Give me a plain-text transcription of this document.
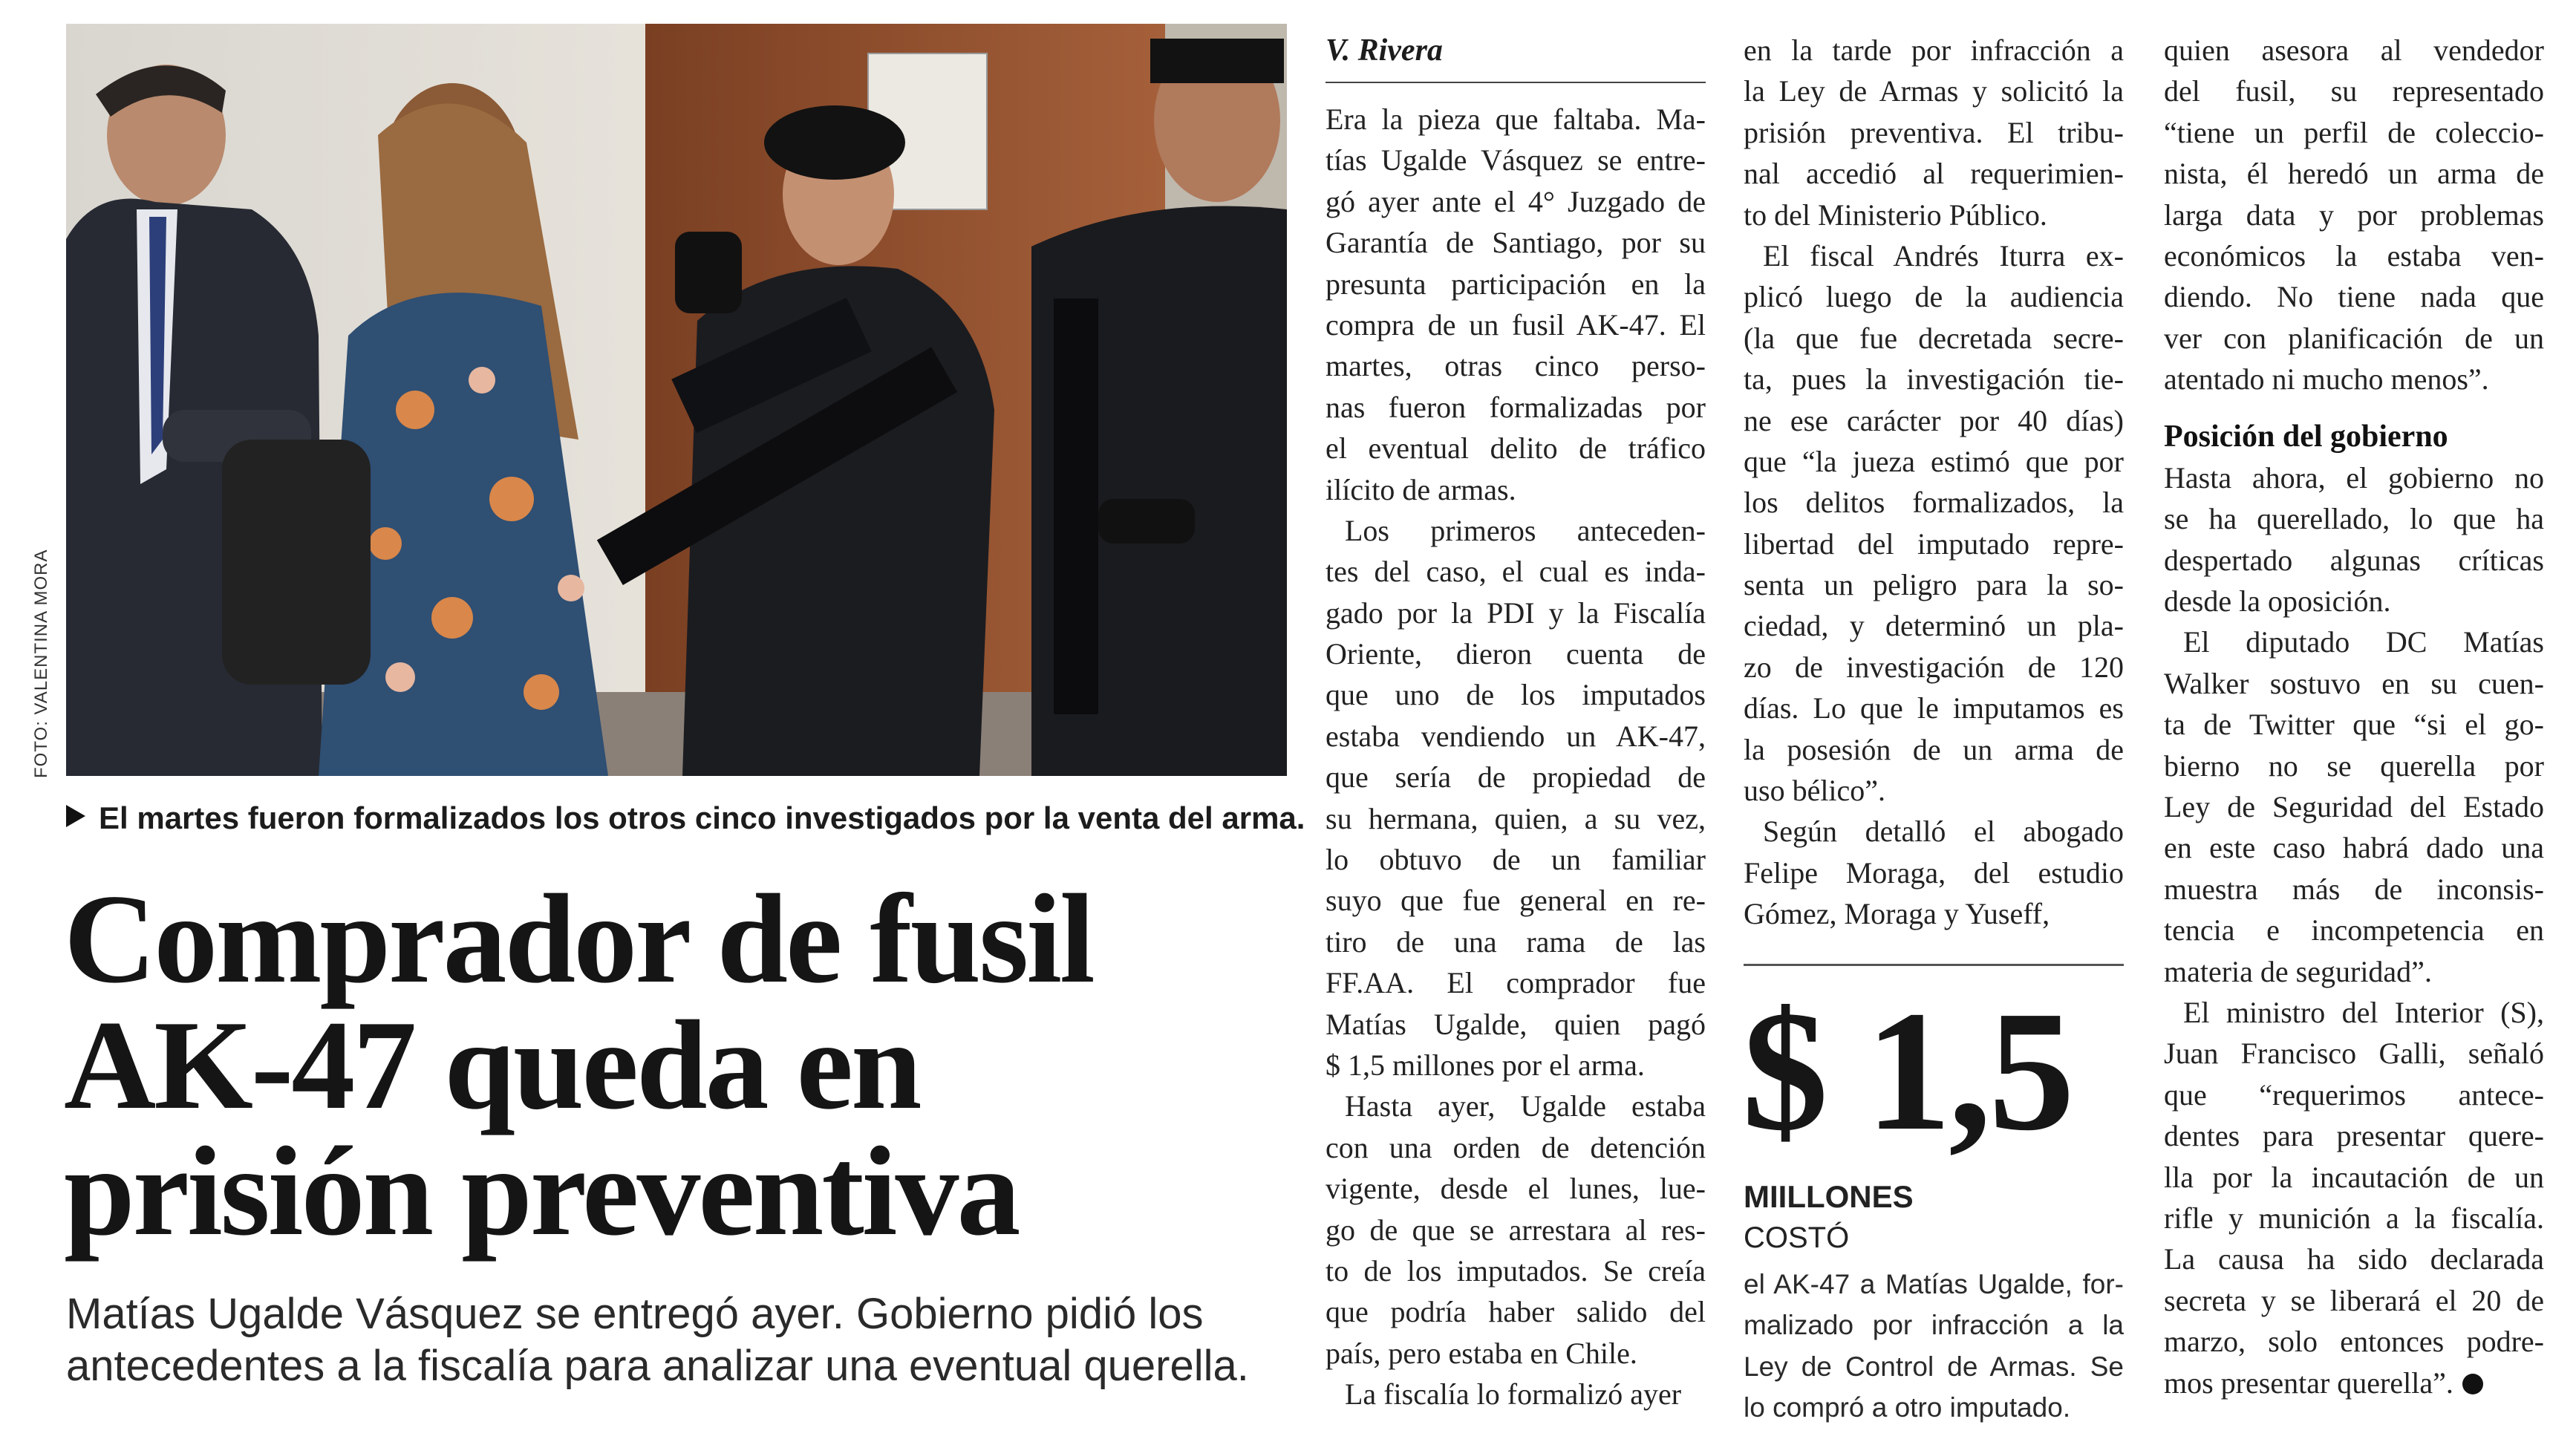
FOTO: VALENTINA MORA
El martes fueron formalizados los otros cinco investigados por la venta del arma.
Comprador de fusil
AK-47 queda en
prisión preventiva
Matías Ugalde Vásquez se entregó ayer. Gobierno pidió los
antecedentes a la fiscalía para analizar una eventual querella.
V. Rivera
Era la pieza que faltaba. Ma-
tías Ugalde Vásquez se entre-
gó ayer ante el 4° Juzgado de
Garantía de Santiago, por su
presunta participación en la
compra de un fusil AK-47. El
martes, otras cinco perso-
nas fueron formalizadas por
el eventual delito de tráfico
ilícito de armas.
Los primeros anteceden-
tes del caso, el cual es inda-
gado por la PDI y la Fiscalía
Oriente, dieron cuenta de
que uno de los imputados
estaba vendiendo un AK-47,
que sería de propiedad de
su hermana, quien, a su vez,
lo obtuvo de un familiar
suyo que fue general en re-
tiro de una rama de las
FF.AA. El comprador fue
Matías Ugalde, quien pagó
$ 1,5 millones por el arma.
Hasta ayer, Ugalde estaba
con una orden de detención
vigente, desde el lunes, lue-
go de que se arrestara al res-
to de los imputados. Se creía
que podría haber salido del
país, pero estaba en Chile.
La fiscalía lo formalizó ayer
en la tarde por infracción a
la Ley de Armas y solicitó la
prisión preventiva. El tribu-
nal accedió al requerimien-
to del Ministerio Público.
El fiscal Andrés Iturra ex-
plicó luego de la audiencia
(la que fue decretada secre-
ta, pues la investigación tie-
ne ese carácter por 40 días)
que “la jueza estimó que por
los delitos formalizados, la
libertad del imputado repre-
senta un peligro para la so-
ciedad, y determinó un pla-
zo de investigación de 120
días. Lo que le imputamos es
la posesión de un arma de
uso bélico”.
Según detalló el abogado
Felipe Moraga, del estudio
Gómez, Moraga y Yuseff,
$ 1,5
MIILLONES
COSTÓ
el AK-47 a Matías Ugalde, for-
malizado por infracción a la
Ley de Control de Armas. Se
lo compró a otro imputado.
quien asesora al vendedor
del fusil, su representado
“tiene un perfil de coleccio-
nista, él heredó un arma de
larga data y por problemas
económicos la estaba ven-
diendo. No tiene nada que
ver con planificación de un
atentado ni mucho menos”.
Posición del gobierno
Hasta ahora, el gobierno no
se ha querellado, lo que ha
despertado algunas críticas
desde la oposición.
El diputado DC Matías
Walker sostuvo en su cuen-
ta de Twitter que “si el go-
bierno no se querella por
Ley de Seguridad del Estado
en este caso habrá dado una
muestra más de inconsis-
tencia e incompetencia en
materia de seguridad”.
El ministro del Interior (S),
Juan Francisco Galli, señaló
que “requerimos antece-
dentes para presentar quere-
lla por la incautación de un
rifle y munición a la fiscalía.
La causa ha sido declarada
secreta y se liberará el 20 de
marzo, solo entonces podre-
mos presentar querella”.
